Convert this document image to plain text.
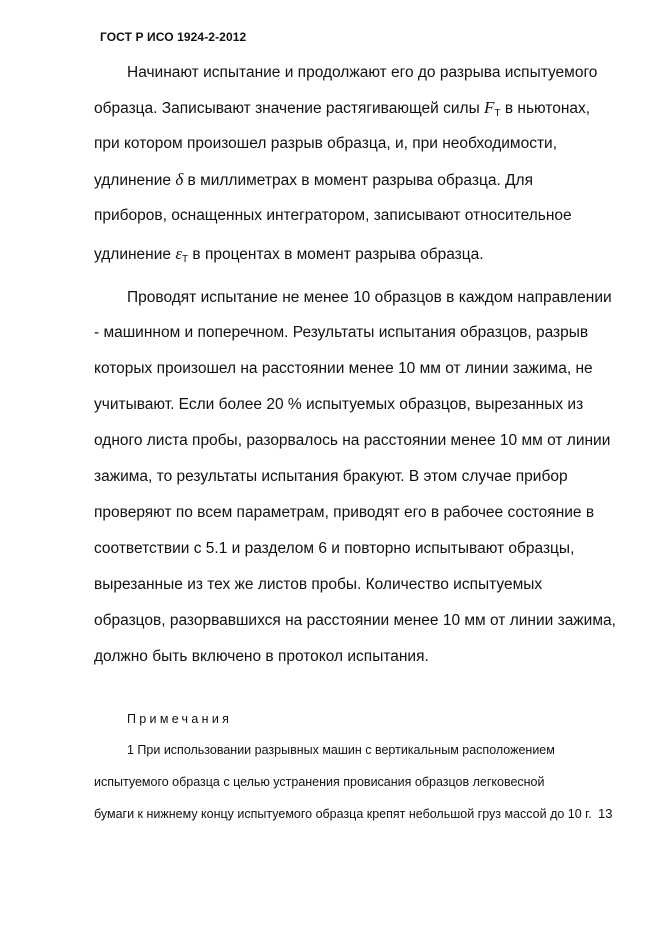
ГОСТ Р ИСО 1924-2-2012
Начинают испытание и продолжают его до разрыва испытуемого
образца. Записывают значение растягивающей силы FT в ньютонах,
при котором произошел разрыв образца, и, при необходимости,
удлинение δ в миллиметрах в момент разрыва образца. Для
приборов, оснащенных интегратором, записывают относительное
удлинение εT в процентах в момент разрыва образца.
Проводят испытание не менее 10 образцов в каждом направлении
- машинном и поперечном. Результаты испытания образцов, разрыв
которых произошел на расстоянии менее 10 мм от линии зажима, не
учитывают. Если более 20 % испытуемых образцов, вырезанных из
одного листа пробы, разорвалось на расстоянии менее 10 мм от линии
зажима, то результаты испытания бракуют. В этом случае прибор
проверяют по всем параметрам, приводят его в рабочее состояние в
соответствии с 5.1 и разделом 6 и повторно испытывают образцы,
вырезанные из тех же листов пробы. Количество испытуемых
образцов, разорвавшихся на расстоянии менее 10 мм от линии зажима,
должно быть включено в протокол испытания.
Примечания
1 При использовании разрывных машин с вертикальным расположением
испытуемого образца с целью устранения провисания образцов легковесной
бумаги к нижнему концу испытуемого образца крепят небольшой груз массой до 10 г. 13
